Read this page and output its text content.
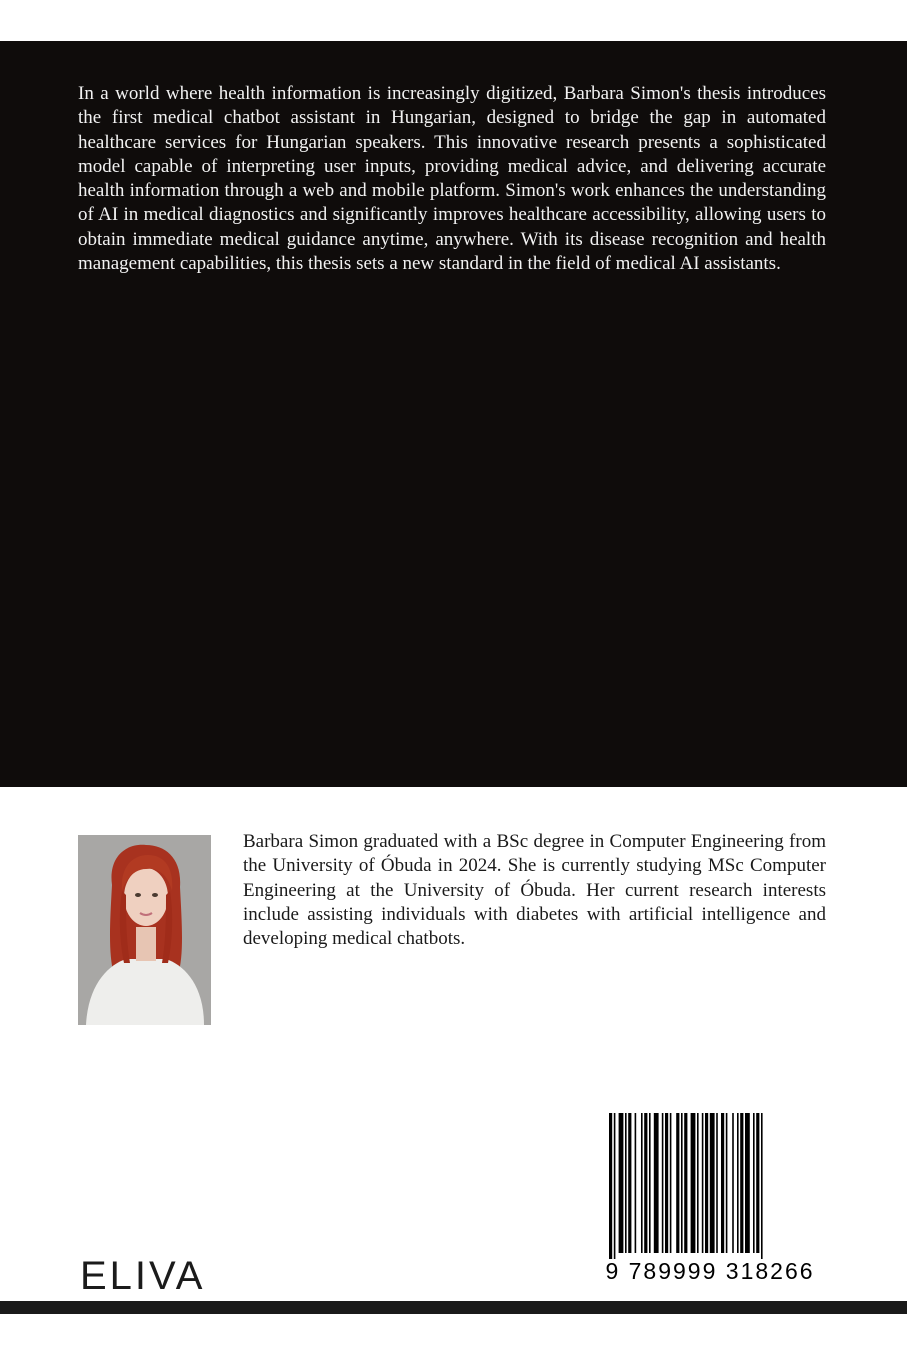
In a world where health information is increasingly digitized, Barbara Simon's thesis introduces the first medical chatbot assistant in Hungarian, designed to bridge the gap in automated healthcare services for Hungarian speakers. This innovative research presents a sophisticated model capable of interpreting user inputs, providing medical advice, and delivering accurate health information through a web and mobile platform. Simon's work enhances the understanding of AI in medical diagnostics and significantly improves healthcare accessibility, allowing users to obtain immediate medical guidance anytime, anywhere. With its disease recognition and health management capabilities, this thesis sets a new standard in the field of medical AI assistants.

Barbara Simon graduated with a BSc degree in Computer Engineering from the University of Óbuda in 2024. She is currently studying MSc Computer Engineering at the University of Óbuda. Her current research interests include assisting individuals with diabetes with artificial intelligence and developing medical chatbots.

9 789999 318266
ELIVA
